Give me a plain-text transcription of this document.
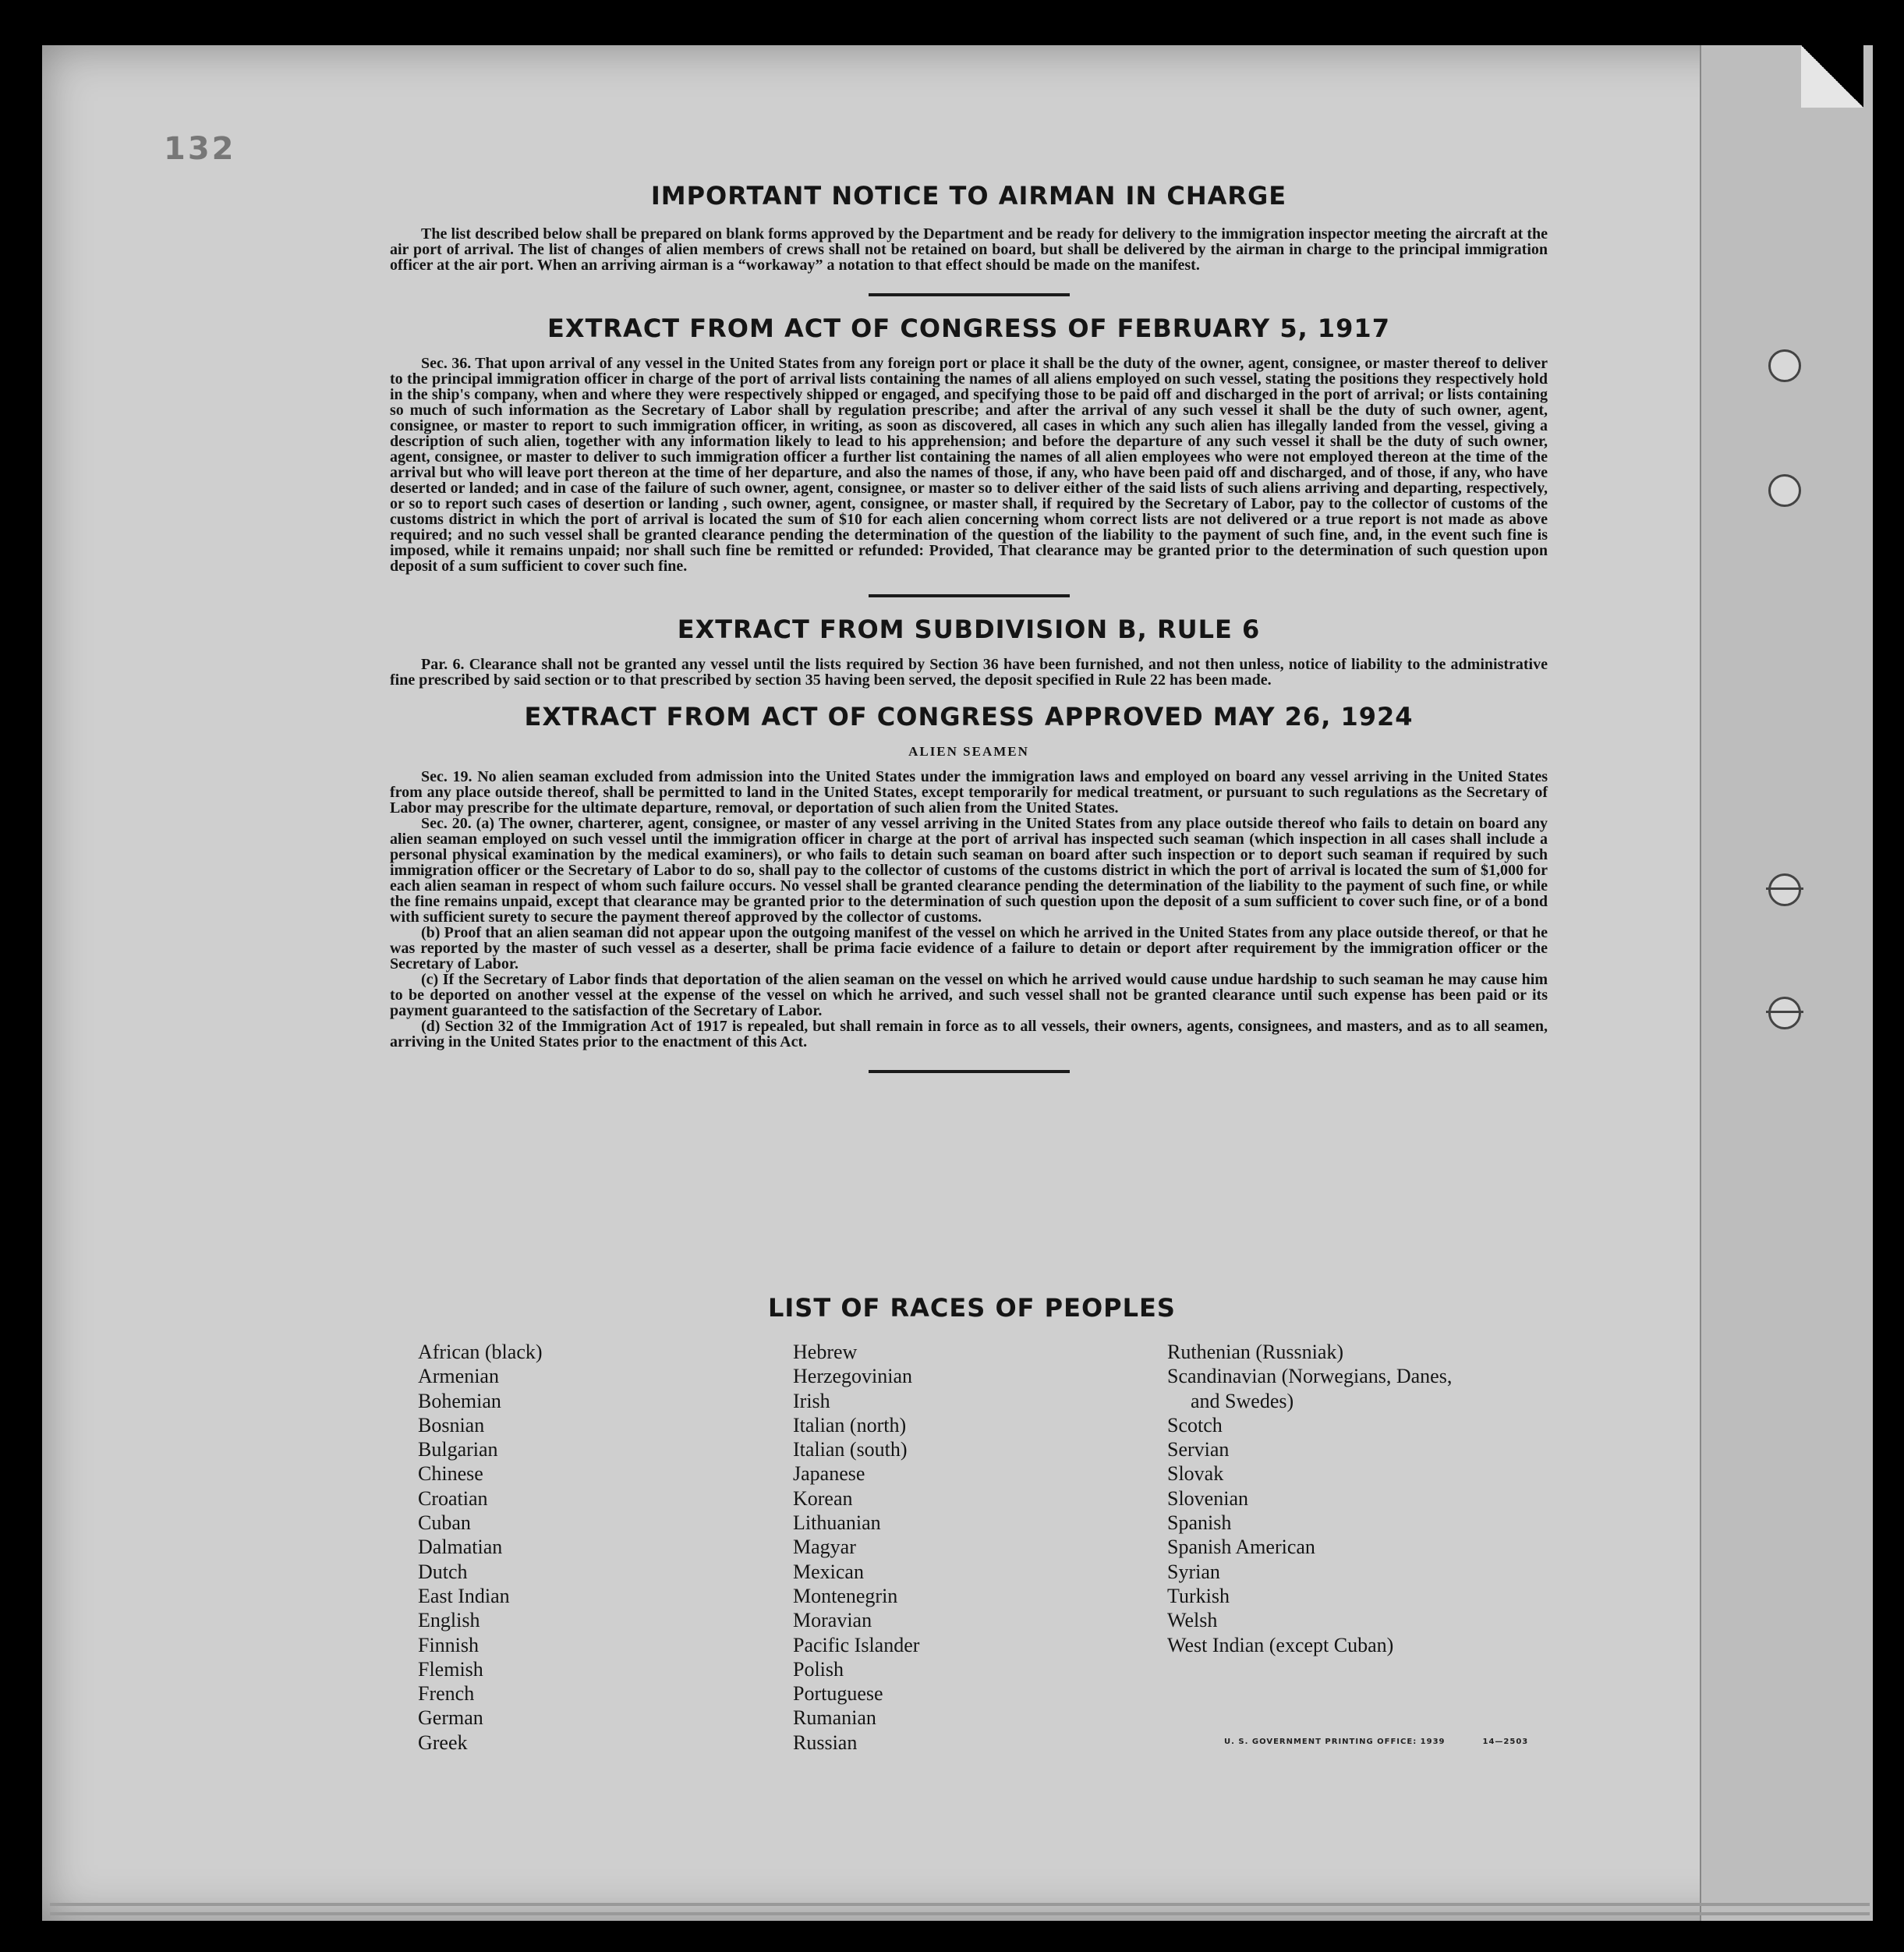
132
IMPORTANT NOTICE TO AIRMAN IN CHARGE

The list described below shall be prepared on blank forms approved by the Department and be ready for delivery to the immigration inspector meeting the aircraft at the air port of arrival. The list of changes of alien members of crews shall not be retained on board, but shall be delivered by the airman in charge to the principal immigration officer at the air port. When an arriving airman is a “workaway” a notation to that effect should be made on the manifest.

EXTRACT FROM ACT OF CONGRESS OF FEBRUARY 5, 1917

Sec. 36. That upon arrival of any vessel in the United States from any foreign port or place it shall be the duty of the owner, agent, consignee, or master thereof to deliver to the principal immigration officer in charge of the port of arrival lists containing the names of all aliens employed on such vessel, stating the positions they respectively hold in the ship's company, when and where they were respectively shipped or engaged, and specifying those to be paid off and discharged in the port of arrival; or lists containing so much of such information as the Secretary of Labor shall by regulation prescribe; and after the arrival of any such vessel it shall be the duty of such owner, agent, consignee, or master to report to such immigration officer, in writing, as soon as discovered, all cases in which any such alien has illegally landed from the vessel, giving a description of such alien, together with any information likely to lead to his apprehension; and before the departure of any such vessel it shall be the duty of such owner, agent, consignee, or master to deliver to such immigration officer a further list containing the names of all alien employees who were not employed thereon at the time of the arrival but who will leave port thereon at the time of her departure, and also the names of those, if any, who have been paid off and discharged, and of those, if any, who have deserted or landed; and in case of the failure of such owner, agent, consignee, or master so to deliver either of the said lists of such aliens arriving and departing, respectively, or so to report such cases of desertion or landing , such owner, agent, consignee, or master shall, if required by the Secretary of Labor, pay to the collector of customs of the customs district in which the port of arrival is located the sum of $10 for each alien concerning whom correct lists are not delivered or a true report is not made as above required; and no such vessel shall be granted clearance pending the determination of the question of the liability to the payment of such fine, and, in the event such fine is imposed, while it remains unpaid; nor shall such fine be remitted or refunded: Provided, That clearance may be granted prior to the determination of such question upon deposit of a sum sufficient to cover such fine.

EXTRACT FROM SUBDIVISION B, RULE 6

Par. 6. Clearance shall not be granted any vessel until the lists required by Section 36 have been furnished, and not then unless, notice of liability to the administrative fine prescribed by said section or to that prescribed by section 35 having been served, the deposit specified in Rule 22 has been made.

EXTRACT FROM ACT OF CONGRESS APPROVED MAY 26, 1924
ALIEN SEAMEN

Sec. 19. No alien seaman excluded from admission into the United States under the immigration laws and employed on board any vessel arriving in the United States from any place outside thereof, shall be permitted to land in the United States, except temporarily for medical treatment, or pursuant to such regulations as the Secretary of Labor may prescribe for the ultimate departure, removal, or deportation of such alien from the United States.

Sec. 20. (a) The owner, charterer, agent, consignee, or master of any vessel arriving in the United States from any place outside thereof who fails to detain on board any alien seaman employed on such vessel until the immigration officer in charge at the port of arrival has inspected such seaman (which inspection in all cases shall include a personal physical examination by the medical examiners), or who fails to detain such seaman on board after such inspection or to deport such seaman if required by such immigration officer or the Secretary of Labor to do so, shall pay to the collector of customs of the customs district in which the port of arrival is located the sum of $1,000 for each alien seaman in respect of whom such failure occurs. No vessel shall be granted clearance pending the determination of the liability to the payment of such fine, or while the fine remains unpaid, except that clearance may be granted prior to the determination of such question upon the deposit of a sum sufficient to cover such fine, or of a bond with sufficient surety to secure the payment thereof approved by the collector of customs.

(b) Proof that an alien seaman did not appear upon the outgoing manifest of the vessel on which he arrived in the United States from any place outside thereof, or that he was reported by the master of such vessel as a deserter, shall be prima facie evidence of a failure to detain or deport after requirement by the immigration officer or the Secretary of Labor.

(c) If the Secretary of Labor finds that deportation of the alien seaman on the vessel on which he arrived would cause undue hardship to such seaman he may cause him to be deported on another vessel at the expense of the vessel on which he arrived, and such vessel shall not be granted clearance until such expense has been paid or its payment guaranteed to the satisfaction of the Secretary of Labor.

(d) Section 32 of the Immigration Act of 1917 is repealed, but shall remain in force as to all vessels, their owners, agents, consignees, and masters, and as to all seamen, arriving in the United States prior to the enactment of this Act.

LIST OF RACES OF PEOPLES
African (black)
Armenian
Bohemian
Bosnian
Bulgarian
Chinese
Croatian
Cuban
Dalmatian
Dutch
East Indian
English
Finnish
Flemish
French
German
Greek
Hebrew
Herzegovinian
Irish
Italian (north)
Italian (south)
Japanese
Korean
Lithuanian
Magyar
Mexican
Montenegrin
Moravian
Pacific Islander
Polish
Portuguese
Rumanian
Russian
Ruthenian (Russniak)
Scandinavian (Norwegians, Danes,
and Swedes)
Scotch
Servian
Slovak
Slovenian
Spanish
Spanish American
Syrian
Turkish
Welsh
West Indian (except Cuban)
U. S. GOVERNMENT PRINTING OFFICE: 1939	14—2503
